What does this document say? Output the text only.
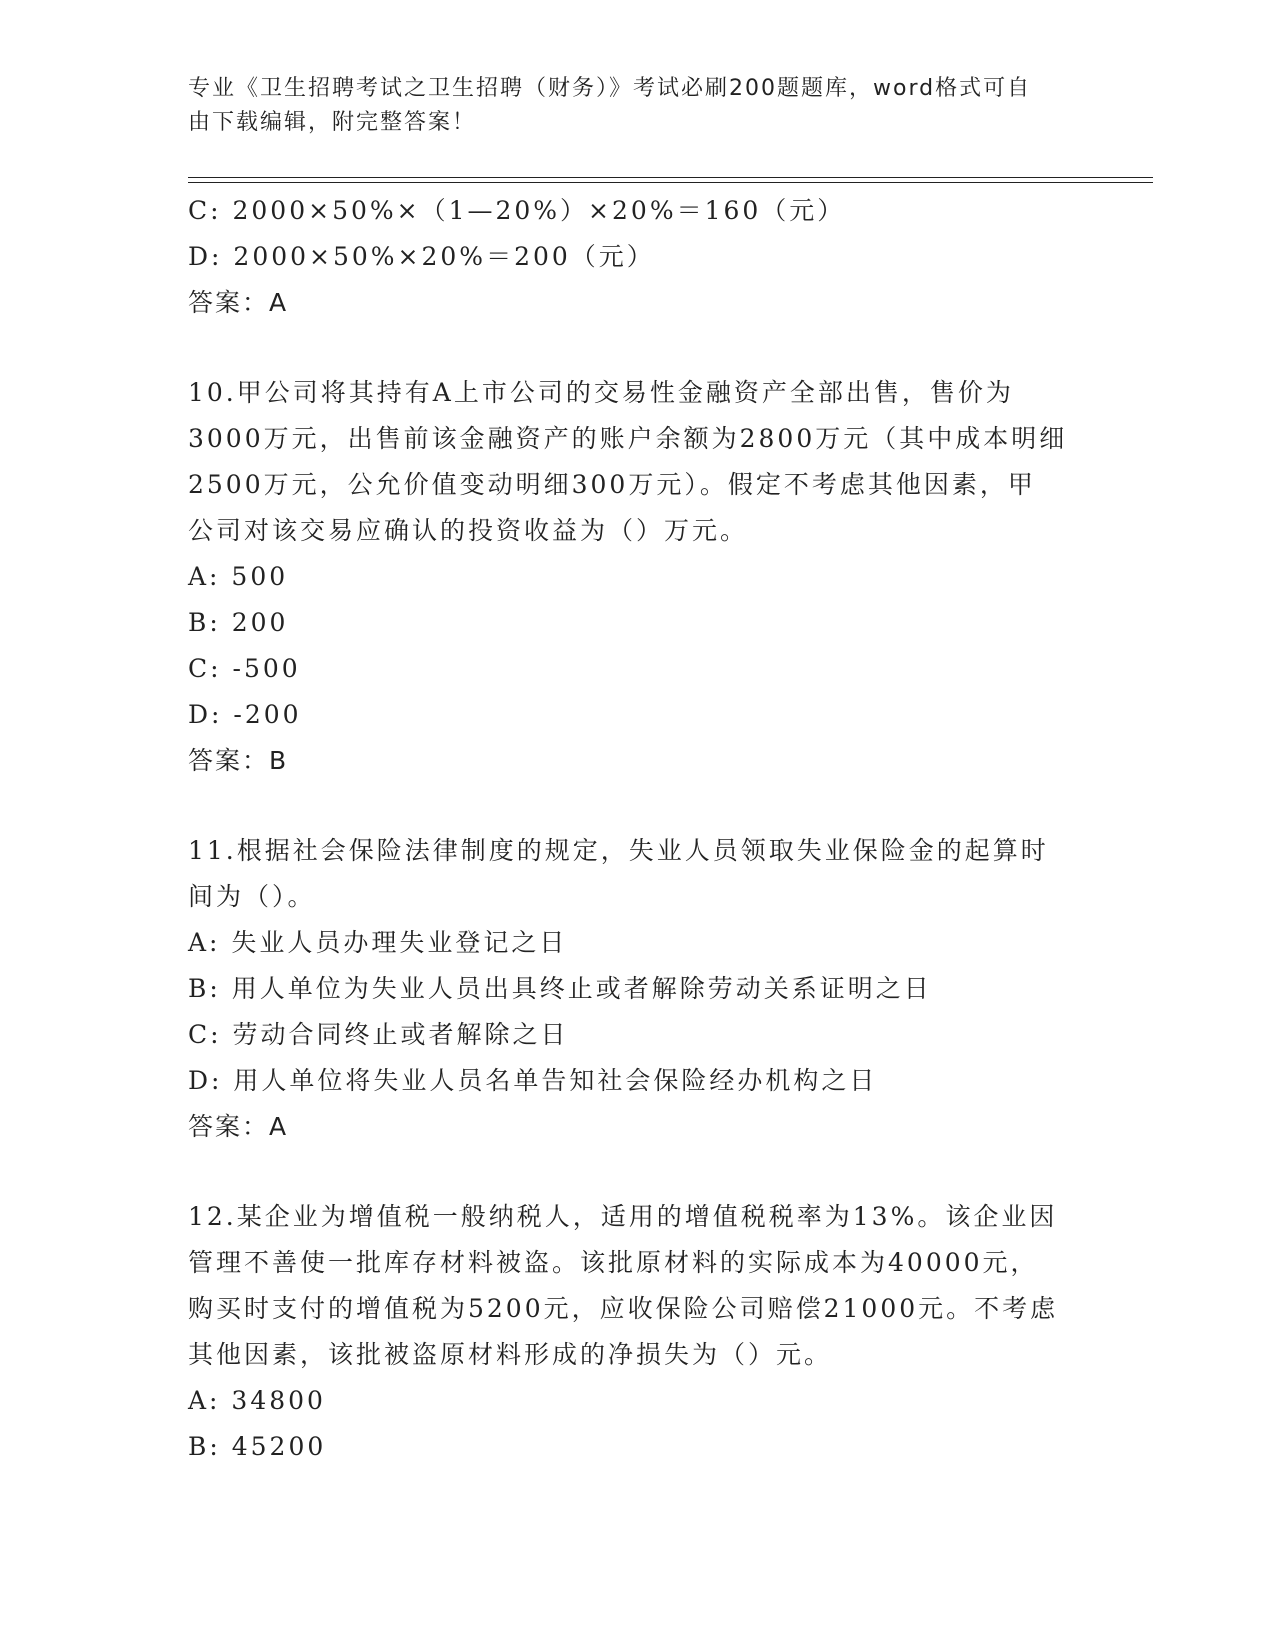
专业《卫生招聘考试之卫生招聘（财务）》考试必刷200题题库，word格式可自
由下载编辑，附完整答案！
C: 2000×50%×（1—20%）×20%＝160（元）
D: 2000×50%×20%＝200（元）
答案：A
10.甲公司将其持有A上市公司的交易性金融资产全部出售，售价为
3000万元，出售前该金融资产的账户余额为2800万元（其中成本明细
2500万元，公允价值变动明细300万元）。假定不考虑其他因素，甲
公司对该交易应确认的投资收益为（）万元。
A: 500
B: 200
C: -500
D: -200
答案：B
11.根据社会保险法律制度的规定，失业人员领取失业保险金的起算时
间为（）。
A: 失业人员办理失业登记之日
B: 用人单位为失业人员出具终止或者解除劳动关系证明之日
C: 劳动合同终止或者解除之日
D: 用人单位将失业人员名单告知社会保险经办机构之日
答案：A
12.某企业为增值税一般纳税人，适用的增值税税率为13%。该企业因
管理不善使一批库存材料被盗。该批原材料的实际成本为40000元，
购买时支付的增值税为5200元，应收保险公司赔偿21000元。不考虑
其他因素，该批被盗原材料形成的净损失为（）元。
A: 34800
B: 45200
